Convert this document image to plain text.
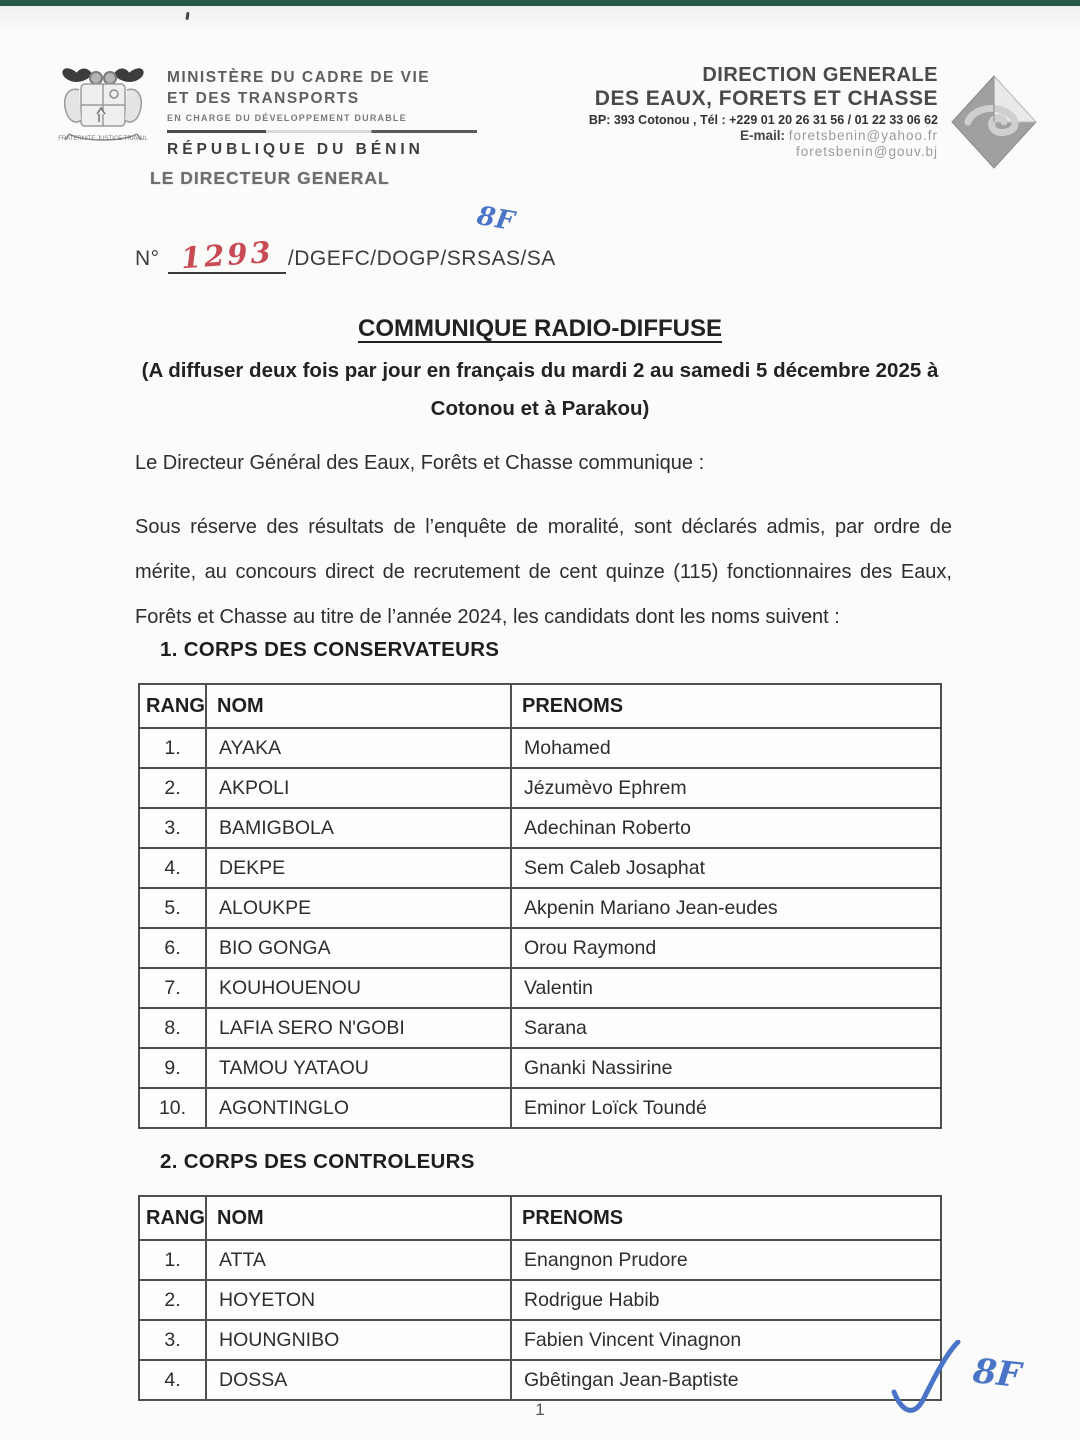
FRATERNITE JUSTICE TRAVAIL
MINISTÈRE DU CADRE DE VIE
ET DES TRANSPORTS
EN CHARGE DU DÉVELOPPEMENT DURABLE
RÉPUBLIQUE DU BÉNIN
DIRECTION GENERALE
DES EAUX, FORETS ET CHASSE
BP: 393 Cotonou , Tél : +229 01 20 26 31 56 / 01 22 33 06 62
E-mail: foretsbenin@yahoo.fr
foretsbenin@gouv.bj
LE DIRECTEUR GENERAL
N° 1293 /DGEFC/DOGP/SRSAS/SA
8F
COMMUNIQUE RADIO-DIFFUSE
(A diffuser deux fois par jour en français du mardi 2 au samedi 5 décembre 2025 à Cotonou et à Parakou)
Le Directeur Général des Eaux, Forêts et Chasse communique :
Sous réserve des résultats de l’enquête de moralité, sont déclarés admis, par ordre de mérite, au concours direct de recrutement de cent quinze (115) fonctionnaires des Eaux, Forêts et Chasse au titre de l’année 2024, les candidats dont les noms suivent :
1. CORPS DES CONSERVATEURS
RANG	NOM	PRENOMS
1.	AYAKA	Mohamed
2.	AKPOLI	Jézumèvo Ephrem
3.	BAMIGBOLA	Adechinan Roberto
4.	DEKPE	Sem Caleb Josaphat
5.	ALOUKPE	Akpenin Mariano Jean-eudes
6.	BIO GONGA	Orou Raymond
7.	KOUHOUENOU	Valentin
8.	LAFIA SERO N'GOBI	Sarana
9.	TAMOU YATAOU	Gnanki Nassirine
10.	AGONTINGLO	Eminor Loïck Toundé
2. CORPS DES CONTROLEURS
RANG	NOM	PRENOMS
1.	ATTA	Enangnon Prudore
2.	HOYETON	Rodrigue Habib
3.	HOUNGNIBO	Fabien Vincent Vinagnon
4.	DOSSA	Gbêtingan Jean-Baptiste
1
8F
